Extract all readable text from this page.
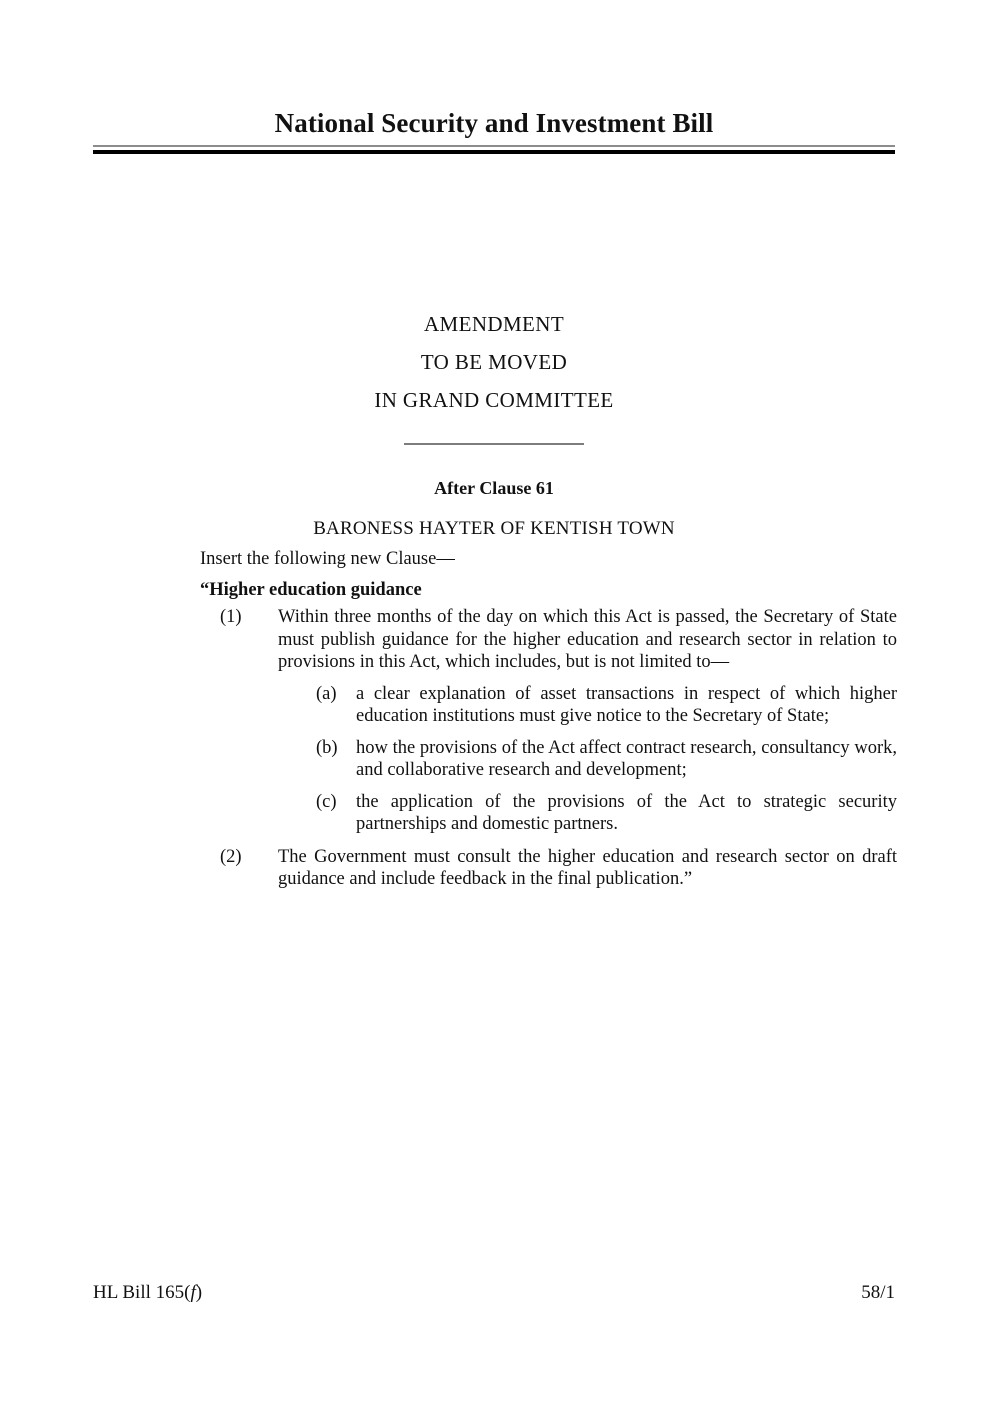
National Security and Investment Bill
AMENDMENT
TO BE MOVED
IN GRAND COMMITTEE
After Clause 61
BARONESS HAYTER OF KENTISH TOWN

Insert the following new Clause—

“Higher education guidance

(1)	Within three months of the day on which this Act is passed, the Secretary of State must publish guidance for the higher education and research sector in relation to provisions in this Act, which includes, but is not limited to—
(a)	a clear explanation of asset transactions in respect of which higher education institutions must give notice to the Secretary of State;
(b) how the provisions of the Act affect contract research, consultancy work, and collaborative research and development;
(c)	the application of the provisions of the Act to strategic security partnerships and domestic partners.
(2)	The Government must consult the higher education and research sector on draft guidance and include feedback in the final publication.”
HL Bill 165(f)	58/1
